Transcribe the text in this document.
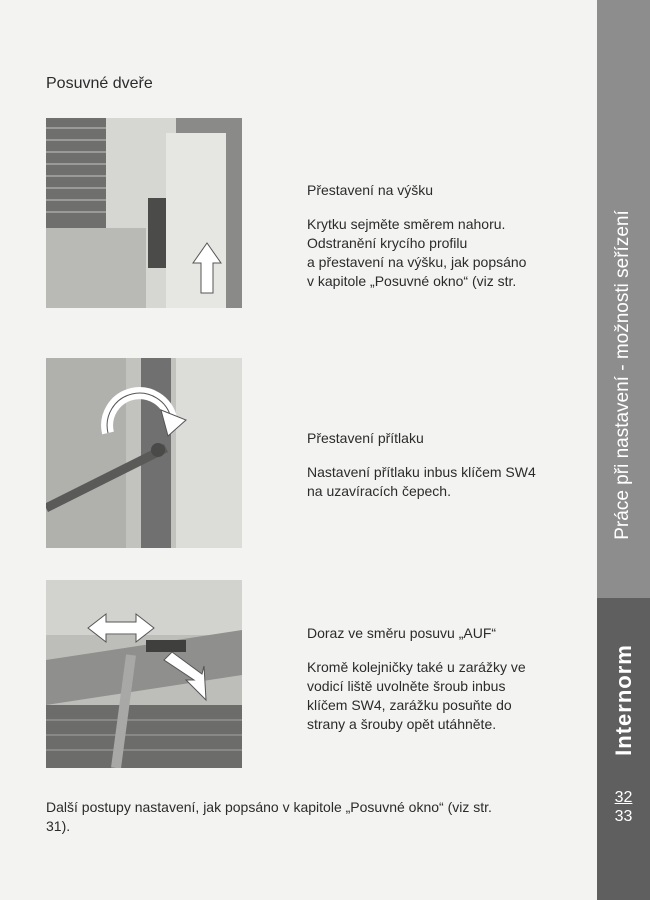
Posuvné dveře
Přestavení na výšku
Krytku sejměte směrem nahoru.
Odstranění krycího profilu
a přestavení na výšku, jak popsáno
v kapitole „Posuvné okno“ (viz str.
Přestavení přítlaku
Nastavení přítlaku inbus klíčem SW4
na uzavíracích čepech.
Doraz ve směru posuvu „AUF“
Kromě kolejničky také u zarážky ve
vodicí liště uvolněte šroub inbus
klíčem SW4, zarážku posuňte do
strany a šrouby opět utáhněte.
Další postupy nastavení, jak popsáno v kapitole „Posuvné okno“ (viz str.
31).
Práce při nastavení - možnosti seřízení
Internorm
32
33
